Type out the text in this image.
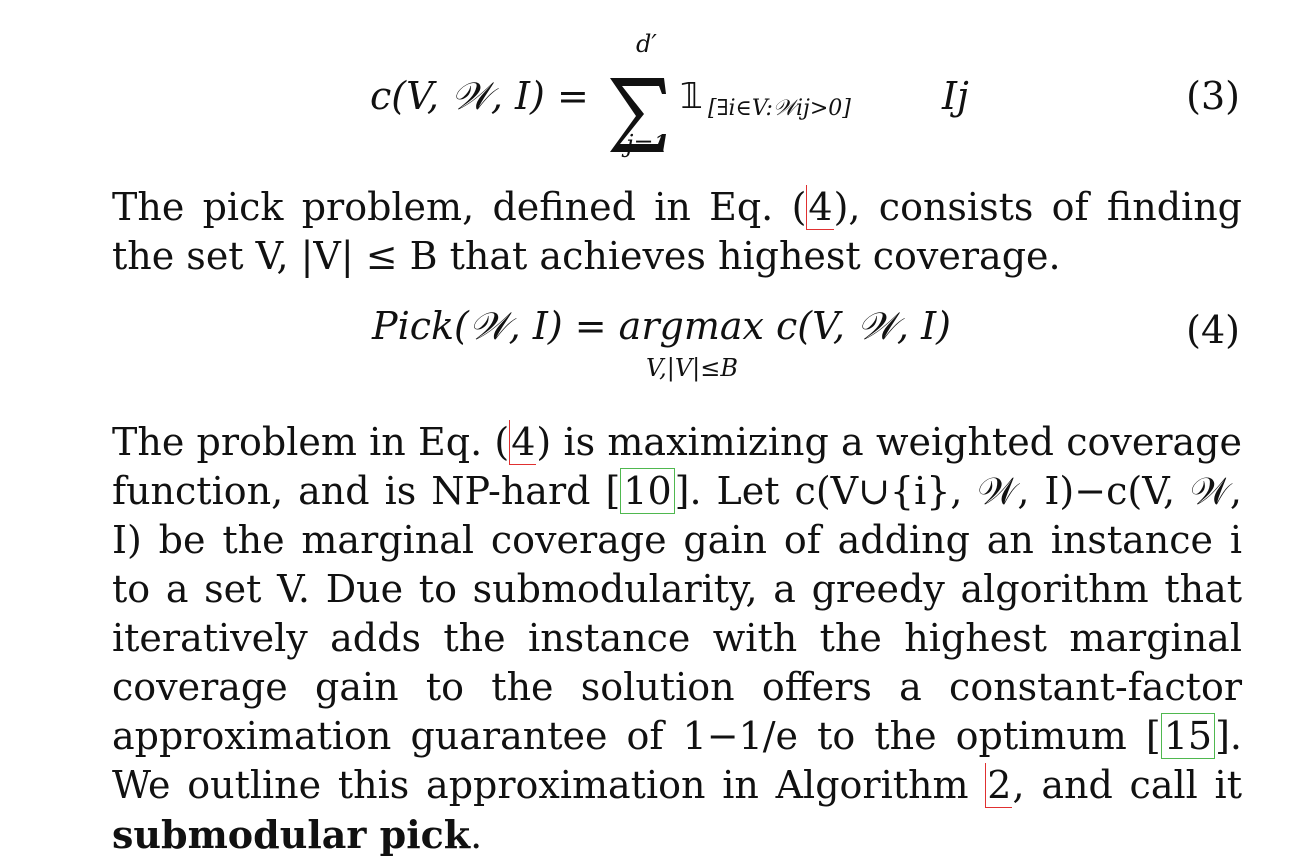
c(V, 𝒲, I) =
d′
j=1
𝟙 [∃i∈V:𝒲ij>0] Ij	(3)
The pick problem, defined in Eq. (4), consists of finding the set V, |V| ≤ B that achieves highest coverage.
Pick(𝒲, I) = argmax c(V, 𝒲, I)
V,|V|≤B
(4)
The problem in Eq. (4) is maximizing a weighted coverage function, and is NP-hard [10]. Let c(V∪{i}, 𝒲, I)−c(V, 𝒲, I) be the marginal coverage gain of adding an instance i to a set V. Due to submodularity, a greedy algorithm that iteratively adds the instance with the highest marginal coverage gain to the solution offers a constant-factor approximation guarantee of 1−1/e to the optimum [15]. We outline this approximation in Algorithm 2, and call it submodular pick.
